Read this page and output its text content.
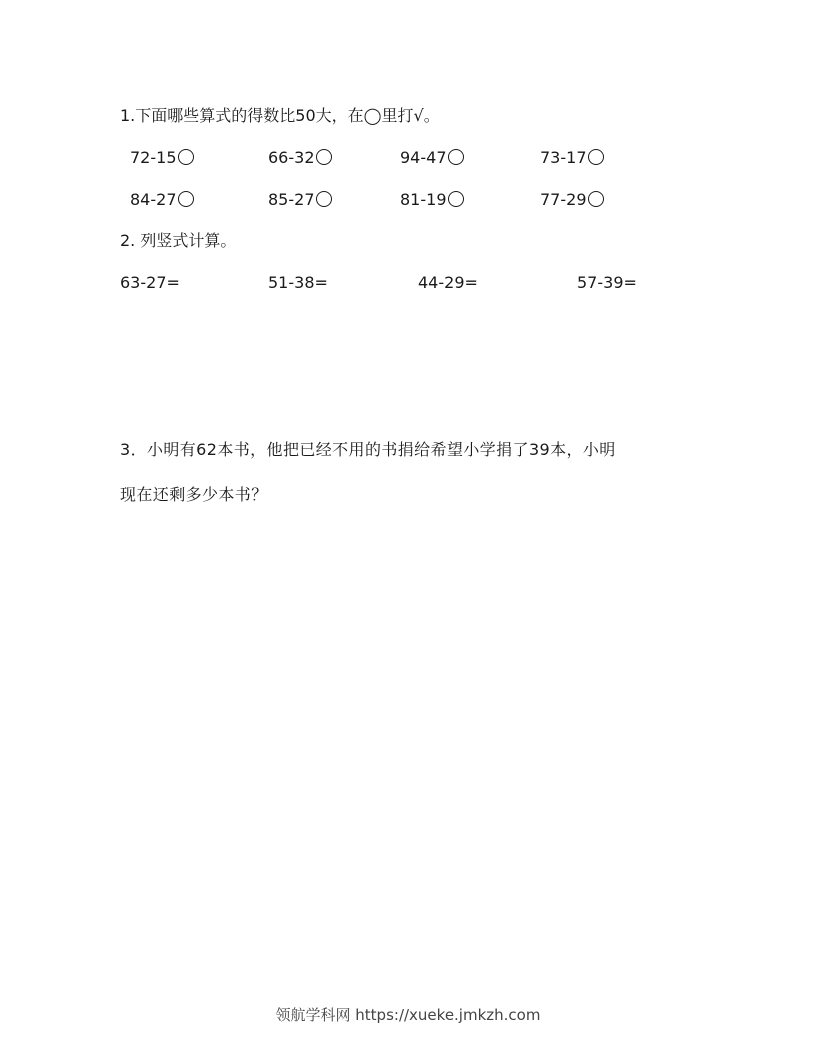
1.下面哪些算式的得数比50大，在◯里打√。
72-15	66-32	94-47	73-17
84-27	85-27	81-19	77-29
2. 列竖式计算。
63-27=	51-38=	44-29=	57-39=
3．小明有62本书，他把已经不用的书捐给希望小学捐了39本，小明
现在还剩多少本书？
领航学科网 https://xueke.jmkzh.com
